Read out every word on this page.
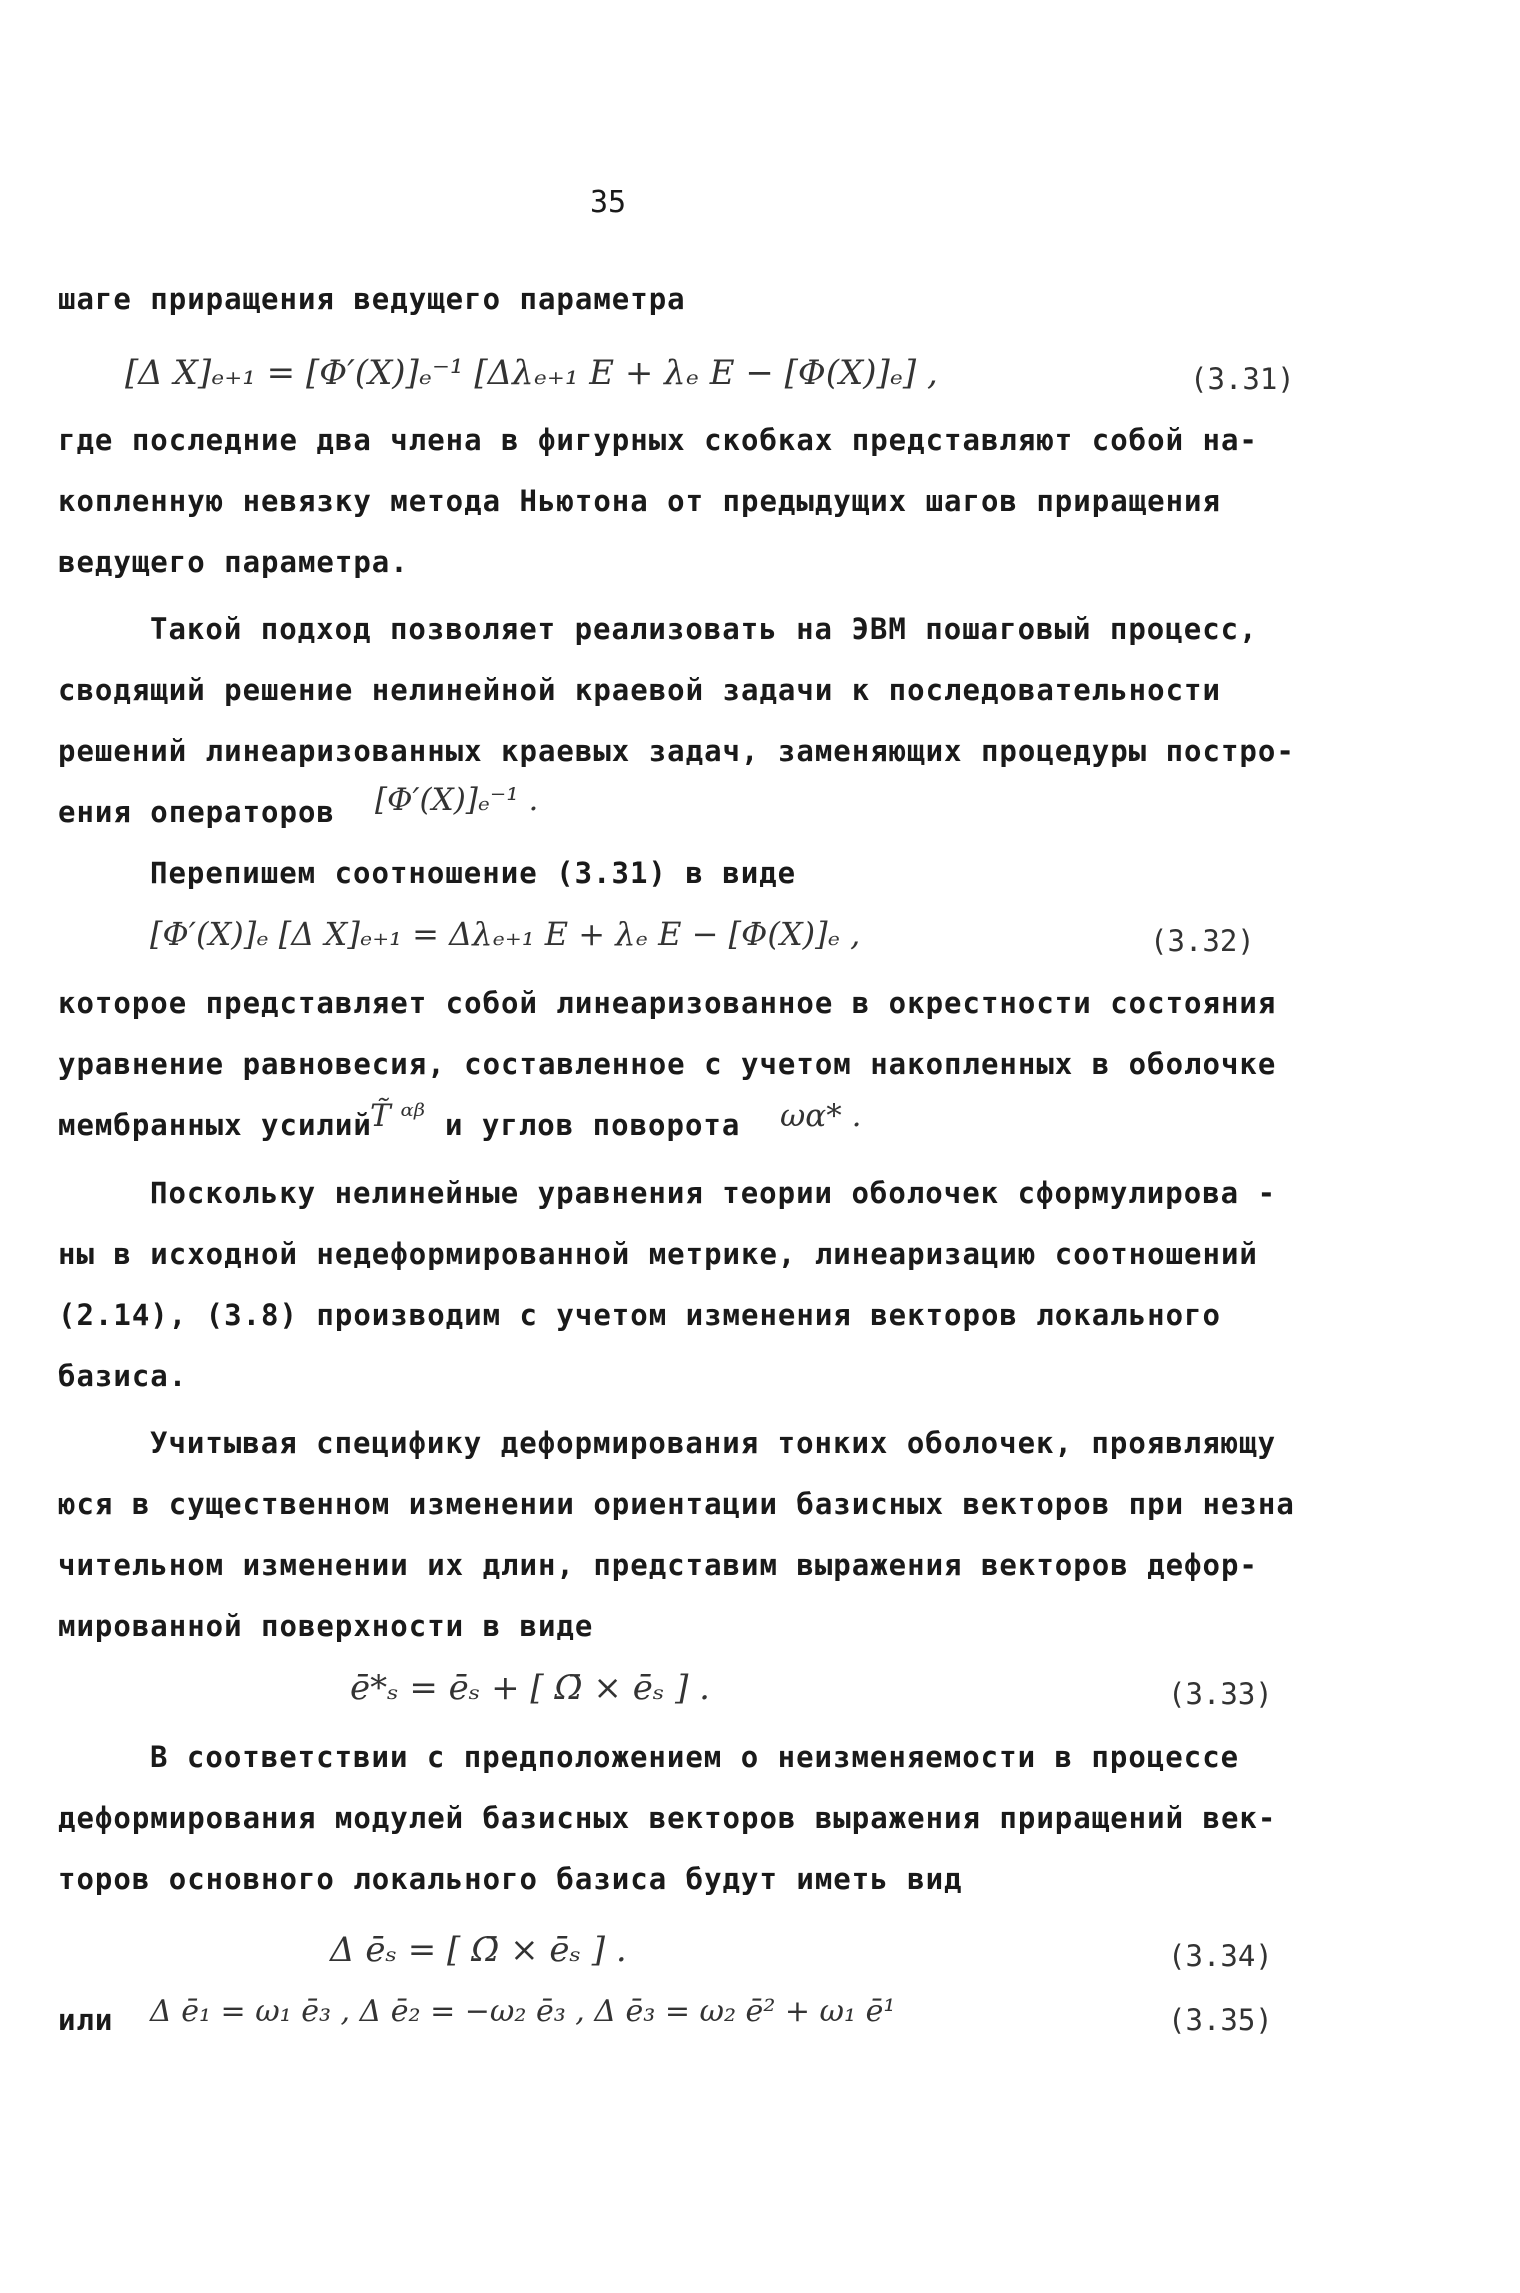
35
шаге приращения ведущего параметра
[Δ X]ₑ₊₁ = [Φ′(X)]ₑ⁻¹ [Δλₑ₊₁ E + λₑ E − [Φ(X)]ₑ] ,	(3.31)
где последние два члена в фигурных скобках представляют собой на-
копленную невязку метода Ньютона от предыдущих шагов приращения
ведущего параметра.
Такой подход позволяет реализовать на ЭВМ пошаговый процесс,
сводящий решение нелинейной краевой задачи к последовательности
решений линеаризованных краевых задач, заменяющих процедуры постро-
ения операторов [Φ′(X)]ₑ⁻¹ .
Перепишем соотношение (3.31) в виде
[Φ′(X)]ₑ [Δ X]ₑ₊₁ = Δλₑ₊₁ E + λₑ E − [Φ(X)]ₑ ,	(3.32)
которое представляет собой линеаризованное в окрестности состояния
уравнение равновесия, составленное с учетом накопленных в оболочке
мембранных усилий
T̃ ᵅᵝ и углов поворота ωα* .
Поскольку нелинейные уравнения теории оболочек сформулирова -
ны в исходной недеформированной метрике, линеаризацию соотношений
(2.14), (3.8) производим с учетом изменения векторов локального
базиса.
Учитывая специфику деформирования тонких оболочек, проявляющу
юся в существенном изменении ориентации базисных векторов при незна
чительном изменении их длин, представим выражения векторов дефор-
мированной поверхности в виде
ē*ₛ = ēₛ + [ Ω̄ × ēₛ ] .	(3.33)
В соответствии с предположением о неизменяемости в процессе
деформирования модулей базисных векторов выражения приращений век-
торов основного локального базиса будут иметь вид
Δ ēₛ = [ Ω̄ × ēₛ ] .	(3.34)
или Δ ē₁ = ω₁ ē₃ , Δ ē₂ = −ω₂ ē₃ , Δ ē₃ = ω₂ ē² + ω₁ ē¹	(3.35)
